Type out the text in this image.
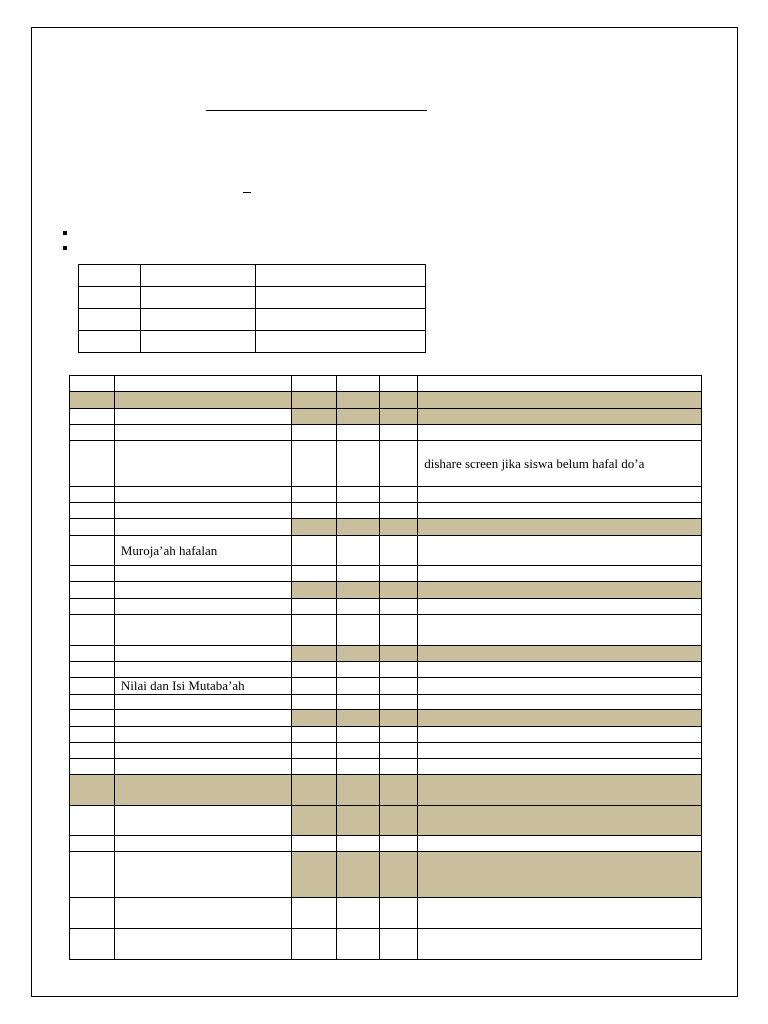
					dishare screen jika siswa belum hafal do’a

	Muroja’ah hafalan				

	Nilai dan Isi Mutaba’ah				
